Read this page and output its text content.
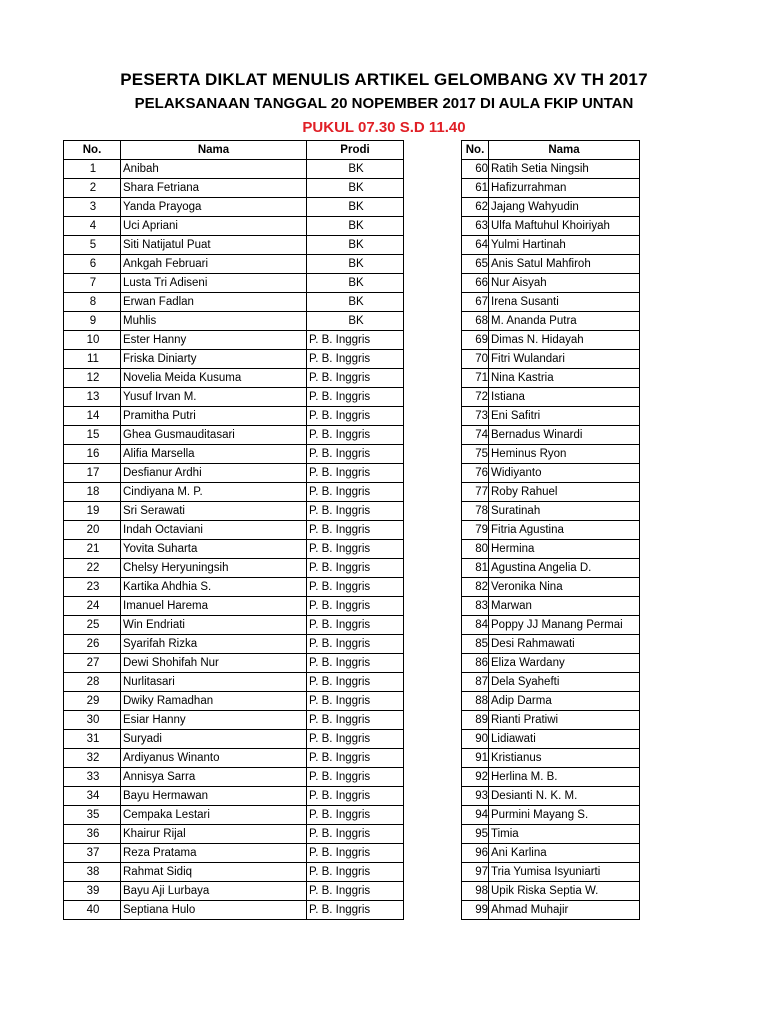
PESERTA DIKLAT MENULIS ARTIKEL GELOMBANG XV TH 2017
PELAKSANAAN TANGGAL 20 NOPEMBER 2017 DI AULA FKIP UNTAN
PUKUL 07.30 S.D 11.40
No.	Nama	Prodi
1	Anibah	BK
2	Shara Fetriana	BK
3	Yanda Prayoga	BK
4	Uci Apriani	BK
5	Siti Natijatul Puat	BK
6	Ankgah Februari	BK
7	Lusta Tri Adiseni	BK
8	Erwan Fadlan	BK
9	Muhlis	BK
10	Ester Hanny	P. B. Inggris
11	Friska Diniarty	P. B. Inggris
12	Novelia Meida Kusuma	P. B. Inggris
13	Yusuf Irvan M.	P. B. Inggris
14	Pramitha Putri	P. B. Inggris
15	Ghea Gusmauditasari	P. B. Inggris
16	Alifia Marsella	P. B. Inggris
17	Desfianur Ardhi	P. B. Inggris
18	Cindiyana M. P.	P. B. Inggris
19	Sri Serawati	P. B. Inggris
20	Indah Octaviani	P. B. Inggris
21	Yovita Suharta	P. B. Inggris
22	Chelsy Heryuningsih	P. B. Inggris
23	Kartika Ahdhia S.	P. B. Inggris
24	Imanuel Harema	P. B. Inggris
25	Win Endriati	P. B. Inggris
26	Syarifah Rizka	P. B. Inggris
27	Dewi Shohifah Nur	P. B. Inggris
28	Nurlitasari	P. B. Inggris
29	Dwiky Ramadhan	P. B. Inggris
30	Esiar Hanny	P. B. Inggris
31	Suryadi	P. B. Inggris
32	Ardiyanus Winanto	P. B. Inggris
33	Annisya Sarra	P. B. Inggris
34	Bayu Hermawan	P. B. Inggris
35	Cempaka Lestari	P. B. Inggris
36	Khairur Rijal	P. B. Inggris
37	Reza Pratama	P. B. Inggris
38	Rahmat Sidiq	P. B. Inggris
39	Bayu Aji Lurbaya	P. B. Inggris
40	Septiana Hulo	P. B. Inggris
No.	Nama
60	Ratih Setia Ningsih
61	Hafizurrahman
62	Jajang Wahyudin
63	Ulfa Maftuhul Khoiriyah
64	Yulmi Hartinah
65	Anis Satul Mahfiroh
66	Nur Aisyah
67	Irena Susanti
68	M. Ananda Putra
69	Dimas N. Hidayah
70	Fitri Wulandari
71	Nina Kastria
72	Istiana
73	Eni Safitri
74	Bernadus Winardi
75	Heminus Ryon
76	Widiyanto
77	Roby Rahuel
78	Suratinah
79	Fitria Agustina
80	Hermina
81	Agustina Angelia D.
82	Veronika Nina
83	Marwan
84	Poppy JJ Manang Permai
85	Desi Rahmawati
86	Eliza Wardany
87	Dela Syahefti
88	Adip Darma
89	Rianti Pratiwi
90	Lidiawati
91	Kristianus
92	Herlina M. B.
93	Desianti N. K. M.
94	Purmini Mayang S.
95	Timia
96	Ani Karlina
97	Tria Yumisa Isyuniarti
98	Upik Riska Septia W.
99	Ahmad Muhajir
